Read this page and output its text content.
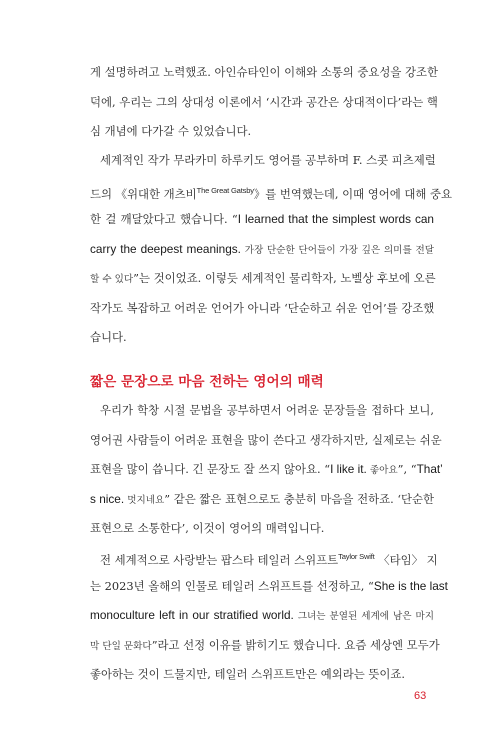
게 설명하려고 노력했죠. 아인슈타인이 이해와 소통의 중요성을 강조한
덕에, 우리는 그의 상대성 이론에서 ‘시간과 공간은 상대적이다’라는 핵
심 개념에 다가갈 수 있었습니다.
세계적인 작가 무라카미 하루키도 영어를 공부하며 F. 스콧 피츠제럴
드의 《위대한 개츠비$^{The Great Gatsby}$》를 번역했는데, 이때 영어에 대해 중요
한 걸 깨달았다고 했습니다. “I learned that the simplest words can
carry the deepest meanings. 가장 단순한 단어들이 가장 깊은 의미를 전달
할 수 있다”는 것이었죠. 이렇듯 세계적인 물리학자, 노벨상 후보에 오른
작가도 복잡하고 어려운 언어가 아니라 ‘단순하고 쉬운 언어’를 강조했
습니다.
짧은 문장으로 마음 전하는 영어의 매력
우리가 학창 시절 문법을 공부하면서 어려운 문장들을 접하다 보니,
영어권 사람들이 어려운 표현을 많이 쓴다고 생각하지만, 실제로는 쉬운
표현을 많이 씁니다. 긴 문장도 잘 쓰지 않아요. “I like it. 좋아요”, “That’
s nice. 멋지네요” 같은 짧은 표현으로도 충분히 마음을 전하죠. ‘단순한
표현으로 소통한다’, 이것이 영어의 매력입니다.
전 세계적으로 사랑받는 팝스타 테일러 스위프트$^{Taylor Swift}$ 〈타임〉 지
는 2023년 올해의 인물로 테일러 스위프트를 선정하고, “She is the last
monoculture left in our stratified world. 그녀는 분열된 세계에 남은 마지
막 단일 문화다”라고 선정 이유를 밝히기도 했습니다. 요즘 세상엔 모두가
좋아하는 것이 드물지만, 테일러 스위프트만은 예외라는 뜻이죠.
63
